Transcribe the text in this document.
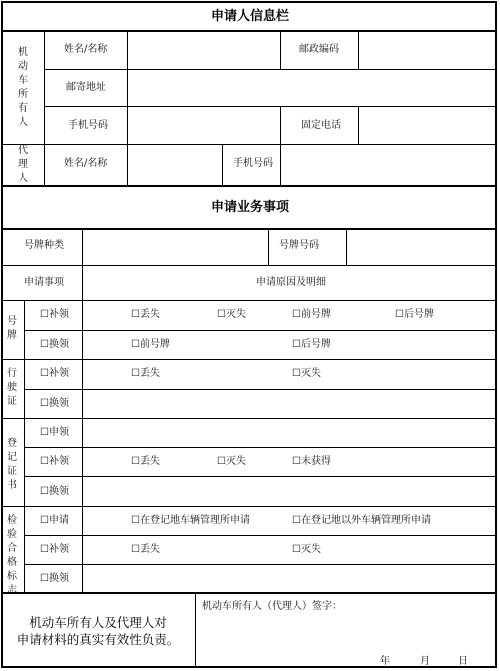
申请人信息栏
机动车所有人
姓名/名称	邮政编码
邮寄地址
手机号码	固定电话
代理人
姓名/名称	手机号码
申请业务事项
号牌种类	号牌号码
申请事项	申请原因及明细
号牌
☐补领	☐丢失	☐灭失	☐前号牌	☐后号牌
☐换领	☐前号牌	☐后号牌
行驶证
☐补领	☐丢失	☐灭失
☐换领
登记证书
☐申领
☐补领	☐丢失	☐灭失	☐未获得
☐换领
检验合格标志
☐申请	☐在登记地车辆管理所申请	☐在登记地以外车辆管理所申请
☐补领	☐丢失	☐灭失
☐换领
机动车所有人及代理人对
申请材料的真实有效性负责。
机动车所有人（代理人）签字：
年	月	日
